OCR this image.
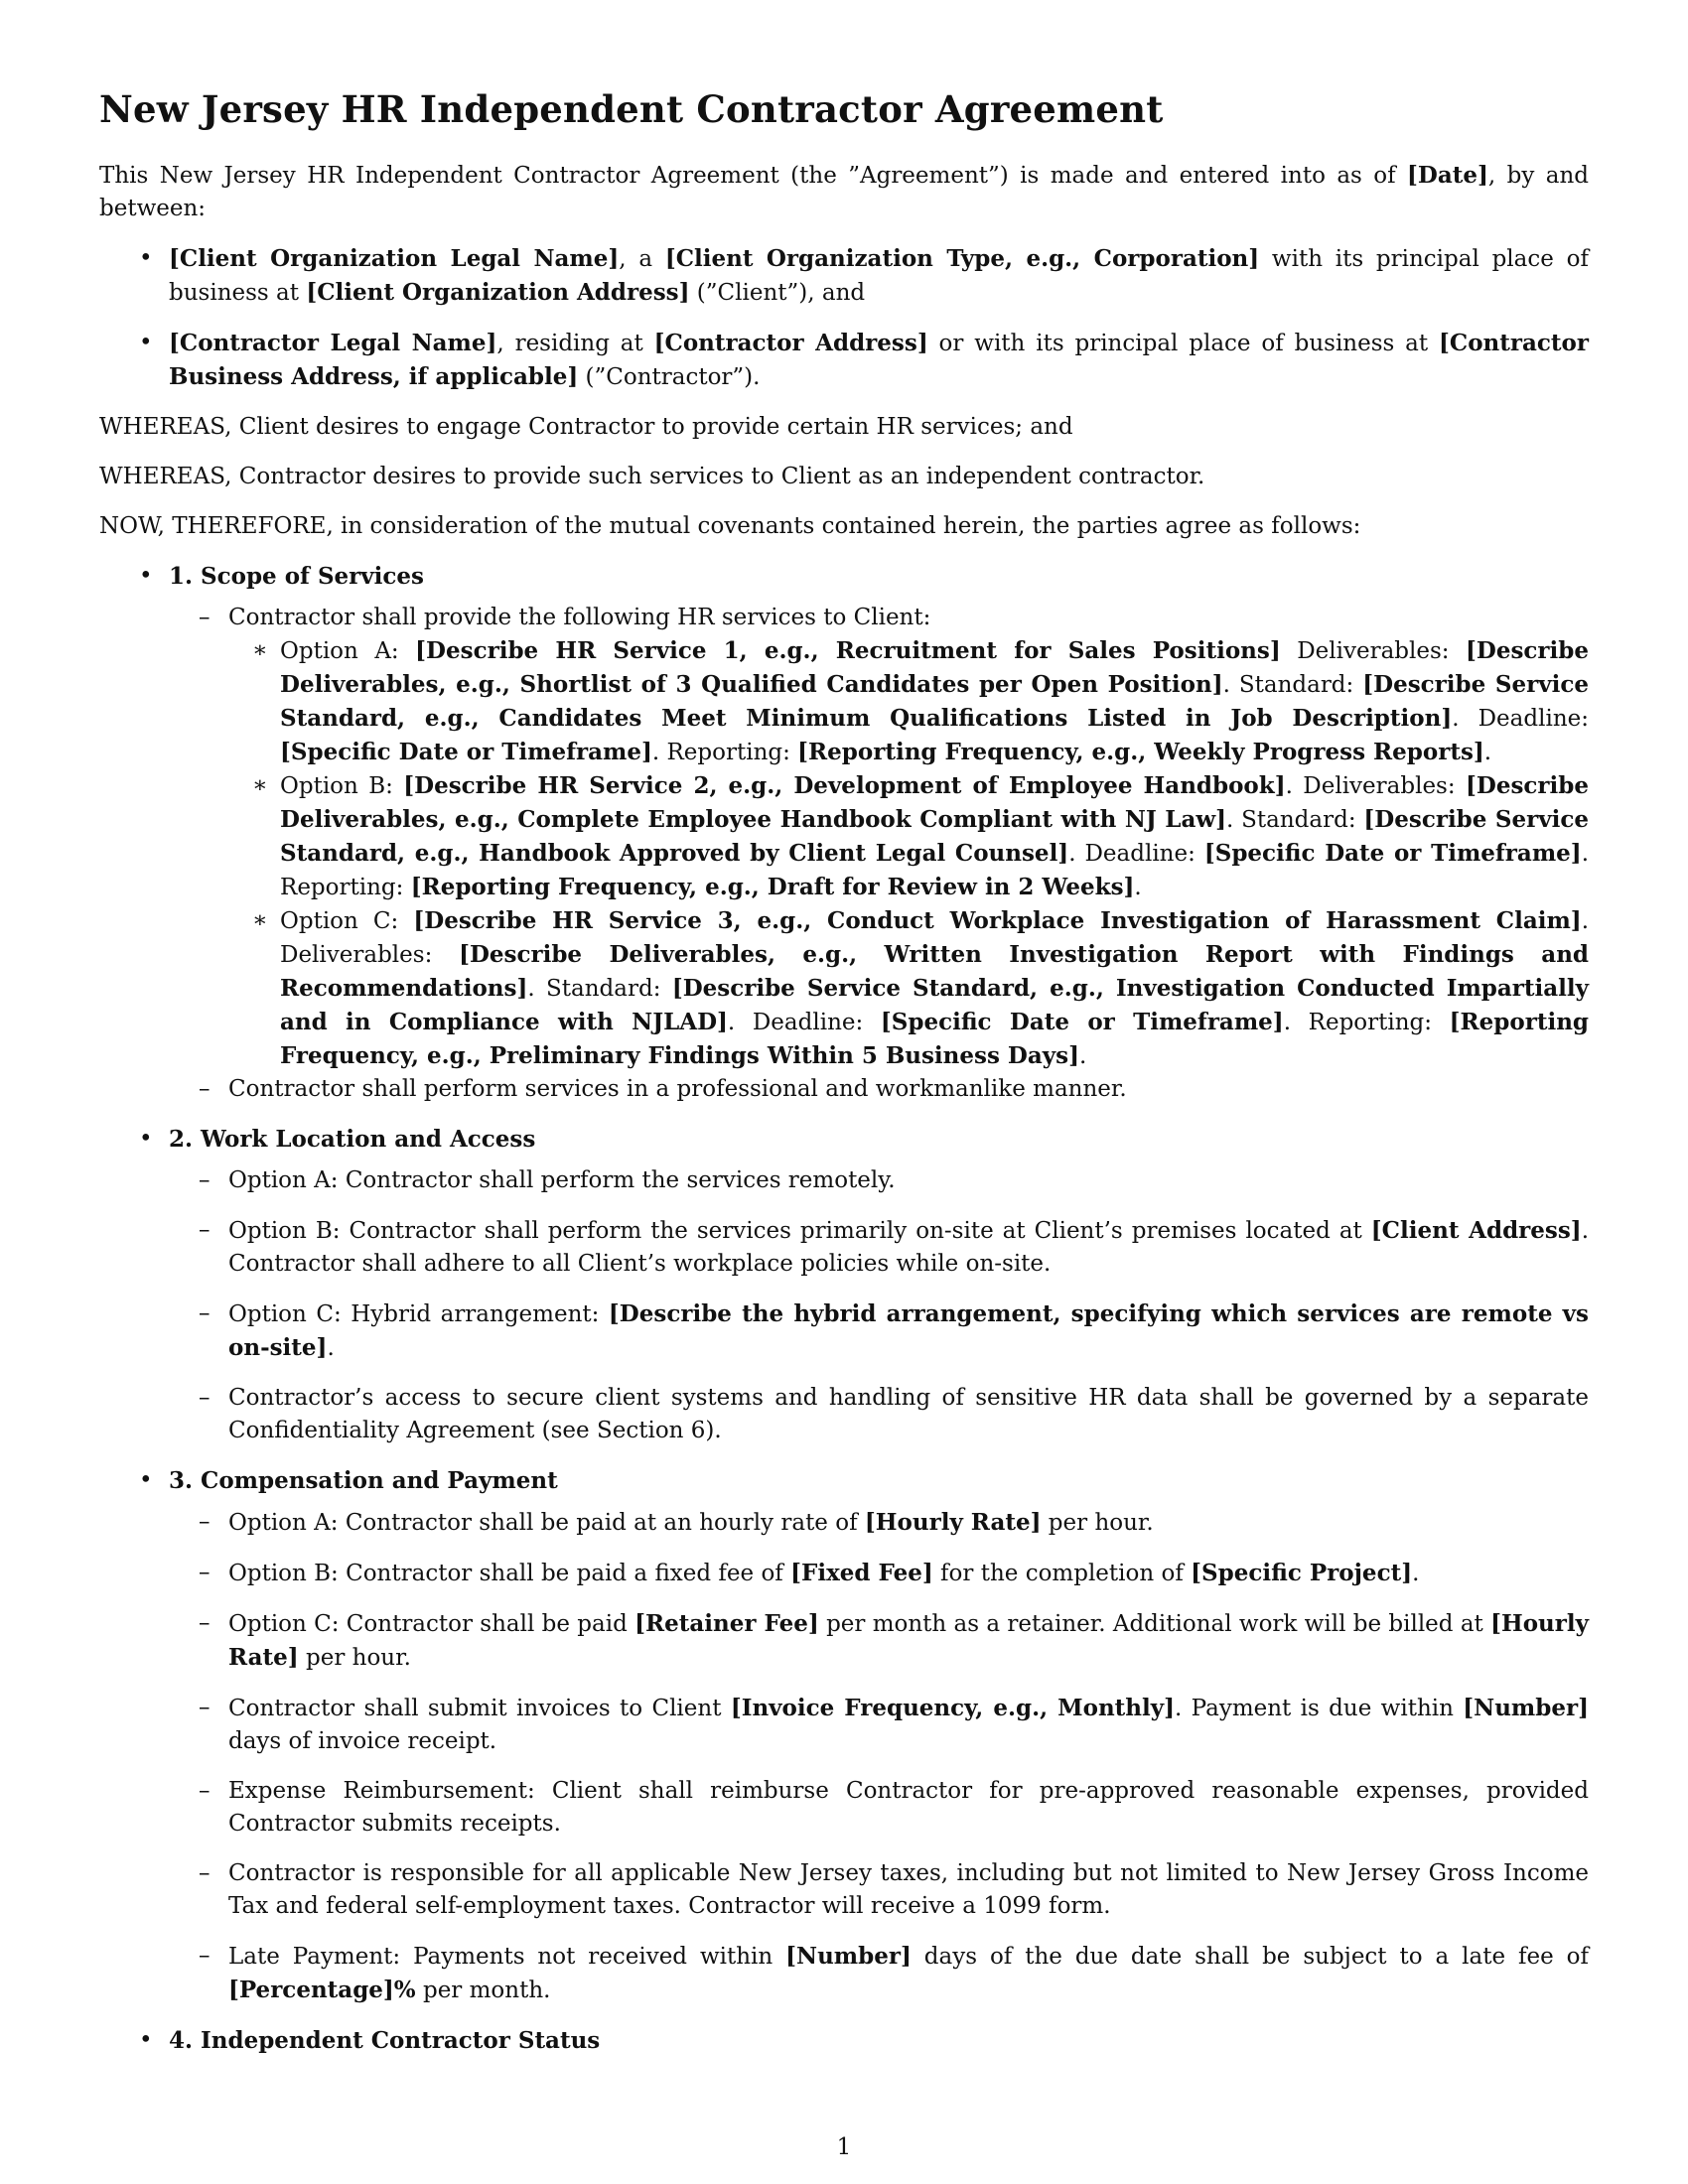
New Jersey HR Independent Contractor Agreement

This New Jersey HR Independent Contractor Agreement (the ”Agreement”) is made and entered into as of [Date], by and between:

• [Client Organization Legal Name], a [Client Organization Type, e.g., Corporation] with its principal place of business at [Client Organization Address] (”Client”), and
• [Contractor Legal Name], residing at [Contractor Address] or with its principal place of business at [Contractor Business Address, if applicable] (”Contractor”).

WHEREAS, Client desires to engage Contractor to provide certain HR services; and

WHEREAS, Contractor desires to provide such services to Client as an independent contractor.

NOW, THEREFORE, in consideration of the mutual covenants contained herein, the parties agree as follows:

• 1. Scope of Services
– Contractor shall provide the following HR services to Client:
∗ Option A: [Describe HR Service 1, e.g., Recruitment for Sales Positions] Deliverables: [Describe Deliverables, e.g., Shortlist of 3 Qualified Candidates per Open Position]. Standard: [Describe Service Standard, e.g., Candidates Meet Minimum Qualifications Listed in Job Description]. Deadline: [Specific Date or Timeframe]. Reporting: [Reporting Frequency, e.g., Weekly Progress Reports].
∗ Option B: [Describe HR Service 2, e.g., Development of Employee Handbook]. Deliverables: [Describe Deliverables, e.g., Complete Employee Handbook Compliant with NJ Law]. Standard: [Describe Service Standard, e.g., Handbook Approved by Client Legal Counsel]. Deadline: [Specific Date or Timeframe]. Reporting: [Reporting Frequency, e.g., Draft for Review in 2 Weeks].
∗ Option C: [Describe HR Service 3, e.g., Conduct Workplace Investigation of Harassment Claim]. Deliverables: [Describe Deliverables, e.g., Written Investigation Report with Findings and Recommendations]. Standard: [Describe Service Standard, e.g., Investigation Conducted Impartially and in Compliance with NJLAD]. Deadline: [Specific Date or Timeframe]. Reporting: [Reporting Frequency, e.g., Preliminary Findings Within 5 Business Days].
– Contractor shall perform services in a professional and workmanlike manner.
• 2. Work Location and Access
– Option A: Contractor shall perform the services remotely.
– Option B: Contractor shall perform the services primarily on-site at Client’s premises located at [Client Address]. Contractor shall adhere to all Client’s workplace policies while on-site.
– Option C: Hybrid arrangement: [Describe the hybrid arrangement, specifying which services are remote vs on-site].
– Contractor’s access to secure client systems and handling of sensitive HR data shall be governed by a separate Confidentiality Agreement (see Section 6).
• 3. Compensation and Payment
– Option A: Contractor shall be paid at an hourly rate of [Hourly Rate] per hour.
– Option B: Contractor shall be paid a fixed fee of [Fixed Fee] for the completion of [Specific Project].
– Option C: Contractor shall be paid [Retainer Fee] per month as a retainer. Additional work will be billed at [Hourly Rate] per hour.
– Contractor shall submit invoices to Client [Invoice Frequency, e.g., Monthly]. Payment is due within [Number] days of invoice receipt.
– Expense Reimbursement: Client shall reimburse Contractor for pre-approved reasonable expenses, provided Contractor submits receipts.
– Contractor is responsible for all applicable New Jersey taxes, including but not limited to New Jersey Gross Income Tax and federal self-employment taxes. Contractor will receive a 1099 form.
– Late Payment: Payments not received within [Number] days of the due date shall be subject to a late fee of [Percentage]% per month.
• 4. Independent Contractor Status
1
